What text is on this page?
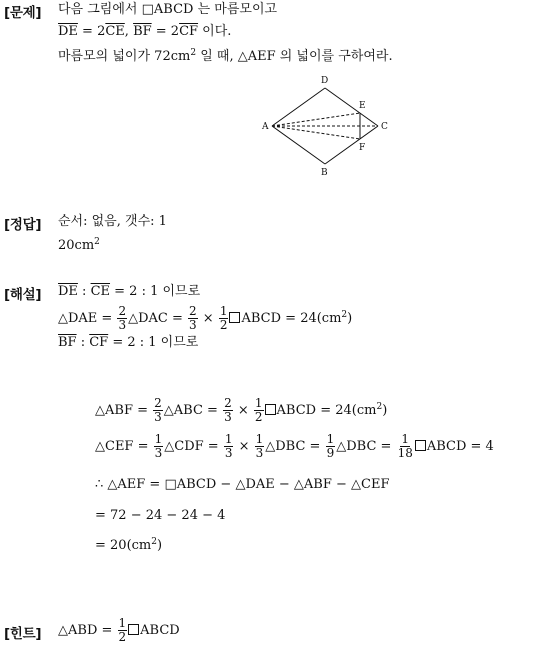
[문제] 다음 그림에서 □ABCD 는 마름모이고
$\overline{DE} = 2\overline{CE}$, $\overline{BF} = 2\overline{CF}$ 이다.
마름모의 넓이가 $72cm^2$ 일 때, △AEF 의 넓이를 구하여라.
D
E
A	C
F
B
[정답] 순서: 없음, 갯수: 1
$20cm^2$
[해설] $\overline{DE}$ : $\overline{CE} = 2$ : 1 이므로
△DAE = $\frac{2}{3}$ △DAC = $\frac{2}{3} \times \frac{1}{2}$ ABCD = $24(cm^2)$
$\overline{BF}$ : $\overline{CF} = 2$ : 1 이므로
△ABF = $\frac{2}{3}$ △ABC = $\frac{2}{3} \times \frac{1}{2}$ ABCD = $24(cm^2)$
△CEF = $\frac{1}{3}$ △CDF = $\frac{1}{3} \times \frac{1}{3}$ △DBC = $\frac{1}{9}$ △DBC = $\frac{1}{18}$ ABCD = 4
∴ △AEF = □ABCD − △DAE − △ABF − △CEF
= 72 − 24 − 24 − 4
= $20(cm^2)$
[힌트] △ABD = $\frac{1}{2}$ ABCD
